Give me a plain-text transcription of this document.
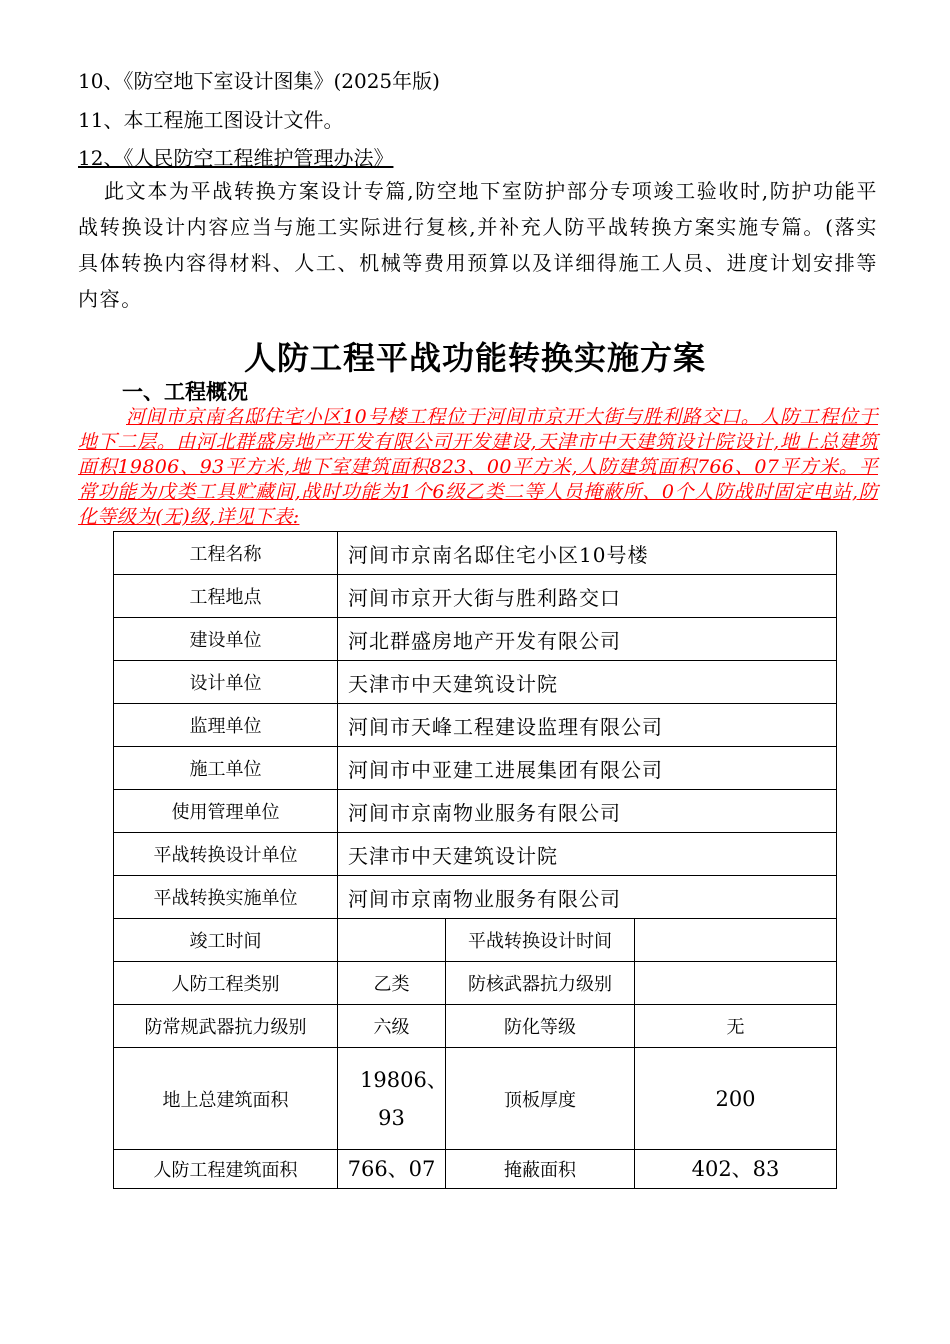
10、《防空地下室设计图集》(2025年版)
11、本工程施工图设计文件。
12、《人民防空工程维护管理办法》
此文本为平战转换方案设计专篇,防空地下室防护部分专项竣工验收时,防护功能平战转换设计内容应当与施工实际进行复核,并补充人防平战转换方案实施专篇。(落实具体转换内容得材料、人工、机械等费用预算以及详细得施工人员、进度计划安排等内容。
人防工程平战功能转换实施方案
一、工程概况
河间市京南名邸住宅小区10号楼工程位于河间市京开大街与胜利路交口。人防工程位于地下二层。由河北群盛房地产开发有限公司开发建设,天津市中天建筑设计院设计,地上总建筑面积19806、93平方米,地下室建筑面积823、00平方米,人防建筑面积766、07平方米。平常功能为戊类工具贮藏间,战时功能为1个6级乙类二等人员掩蔽所、0个人防战时固定电站,防化等级为(无)级,详见下表:
工程名称	河间市京南名邸住宅小区10号楼		
工程地点	河间市京开大街与胜利路交口		
建设单位	河北群盛房地产开发有限公司		
设计单位	天津市中天建筑设计院		
监理单位	河间市天峰工程建设监理有限公司		
施工单位	河间市中亚建工进展集团有限公司		
使用管理单位	河间市京南物业服务有限公司		
平战转换设计单位	天津市中天建筑设计院		
平战转换实施单位	河间市京南物业服务有限公司		
竣工时间		平战转换设计时间	
人防工程类别	乙类	防核武器抗力级别	
防常规武器抗力级别	六级	防化等级	无
地上总建筑面积	19806、93	顶板厚度	200
人防工程建筑面积	766、07	掩蔽面积	402、83
